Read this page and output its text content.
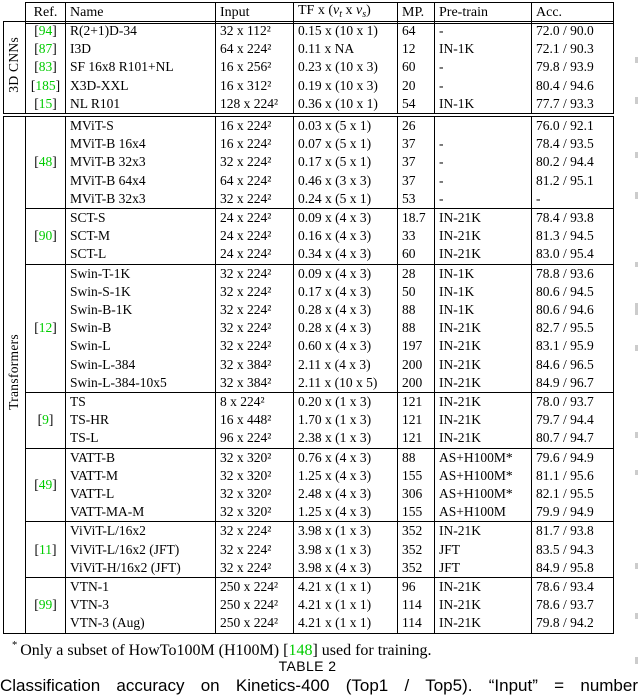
Ref.	Name	Input	TF x ($v_t$ x $v_s$)	MP.	Pre-train	Acc.
3D CNNs	[94]	R(2+1)D-34	32 x 112²	0.15 x (10 x 1)	64	-	72.0 / 90.0
	[87]	I3D	64 x 224²	0.11 x NA	12	IN-1K	72.1 / 90.3
	[83]	SF 16x8 R101+NL	16 x 256²	0.23 x (10 x 3)	60	-	79.8 / 93.9
	[185]	X3D-XXL	16 x 312²	0.19 x (10 x 3)	20	-	80.4 / 94.6
	[15]	NL R101	128 x 224²	0.36 x (10 x 1)	54	IN-1K	77.7 / 93.3
Transformers	[48]	MViT-S	16 x 224²	0.03 x (5 x 1)	26		76.0 / 92.1
		MViT-B 16x4	16 x 224²	0.07 x (5 x 1)	37	-	78.4 / 93.5
		MViT-B 32x3	32 x 224²	0.17 x (5 x 1)	37	-	80.2 / 94.4
		MViT-B 64x4	64 x 224²	0.46 x (3 x 3)	37	-	81.2 / 95.1
		MViT-B 32x3	32 x 224²	0.24 x (5 x 1)	53	-	-
	[90]	SCT-S	24 x 224²	0.09 x (4 x 3)	18.7	IN-21K	78.4 / 93.8
		SCT-M	24 x 224²	0.16 x (4 x 3)	33	IN-21K	81.3 / 94.5
		SCT-L	24 x 224²	0.34 x (4 x 3)	60	IN-21K	83.0 / 95.4
	[12]	Swin-T-1K	32 x 224²	0.09 x (4 x 3)	28	IN-1K	78.8 / 93.6
		Swin-S-1K	32 x 224²	0.17 x (4 x 3)	50	IN-1K	80.6 / 94.5
		Swin-B-1K	32 x 224²	0.28 x (4 x 3)	88	IN-1K	80.6 / 94.6
		Swin-B	32 x 224²	0.28 x (4 x 3)	88	IN-21K	82.7 / 95.5
		Swin-L	32 x 224²	0.60 x (4 x 3)	197	IN-21K	83.1 / 95.9
		Swin-L-384	32 x 384²	2.11 x (4 x 3)	200	IN-21K	84.6 / 96.5
		Swin-L-384-10x5	32 x 384²	2.11 x (10 x 5)	200	IN-21K	84.9 / 96.7
	[9]	TS	8 x 224²	0.20 x (1 x 3)	121	IN-21K	78.0 / 93.7
		TS-HR	16 x 448²	1.70 x (1 x 3)	121	IN-21K	79.7 / 94.4
		TS-L	96 x 224²	2.38 x (1 x 3)	121	IN-21K	80.7 / 94.7
	[49]	VATT-B	32 x 320²	0.76 x (4 x 3)	88	AS+H100M*	79.6 / 94.9
		VATT-M	32 x 320²	1.25 x (4 x 3)	155	AS+H100M*	81.1 / 95.6
		VATT-L	32 x 320²	2.48 x (4 x 3)	306	AS+H100M*	82.1 / 95.5
		VATT-MA-M	32 x 320²	1.25 x (4 x 3)	155	AS+H100M	79.9 / 94.9
	[11]	ViViT-L/16x2	32 x 224²	3.98 x (1 x 3)	352	IN-21K	81.7 / 93.8
		ViViT-L/16x2 (JFT)	32 x 224²	3.98 x (1 x 3)	352	JFT	83.5 / 94.3
		ViViT-H/16x2 (JFT)	32 x 224²	3.98 x (4 x 3)	352	JFT	84.9 / 95.8
	[99]	VTN-1	250 x 224²	4.21 x (1 x 1)	96	IN-21K	78.6 / 93.4
		VTN-3	250 x 224²	4.21 x (1 x 1)	114	IN-21K	78.6 / 93.7
		VTN-3 (Aug)	250 x 224²	4.21 x (1 x 1)	114	IN-21K	79.8 / 94.2
* Only a subset of HowTo100M (H100M) [148] used for training.
TABLE 2
Classification accuracy on Kinetics-400 (Top1 / Top5). “Input” = number
